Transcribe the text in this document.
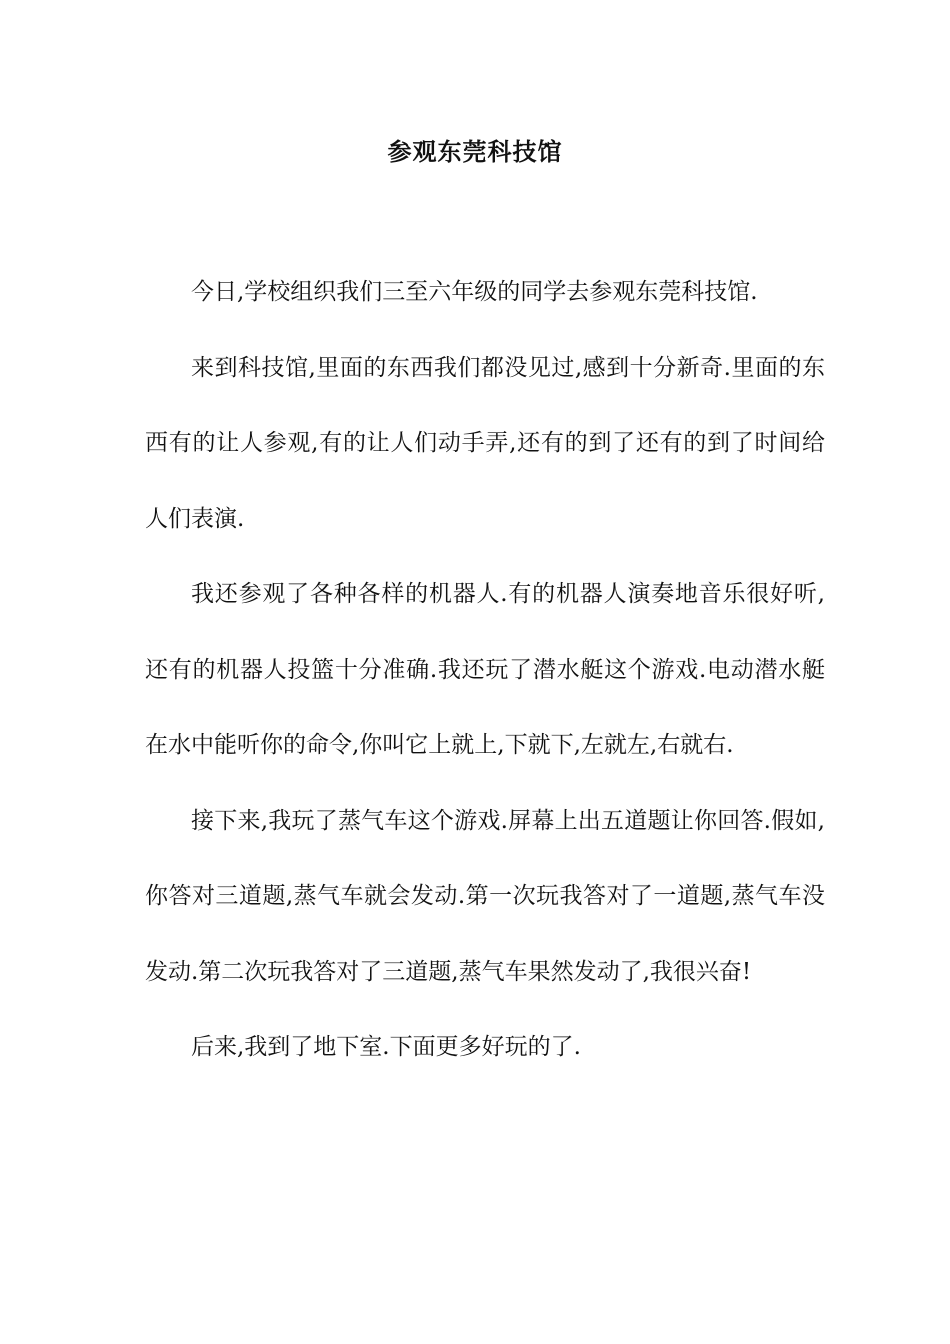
参观东莞科技馆

今日,学校组织我们三至六年级的同学去参观东莞科技馆.

来到科技馆,里面的东西我们都没见过,感到十分新奇.里面的东西有的让人参观,有的让人们动手弄,还有的到了还有的到了时间给人们表演.

我还参观了各种各样的机器人.有的机器人演奏地音乐很好听,还有的机器人投篮十分准确.我还玩了潜水艇这个游戏.电动潜水艇在水中能听你的命令,你叫它上就上,下就下,左就左,右就右.

接下来,我玩了蒸气车这个游戏.屏幕上出五道题让你回答.假如,你答对三道题,蒸气车就会发动.第一次玩我答对了一道题,蒸气车没发动.第二次玩我答对了三道题,蒸气车果然发动了,我很兴奋!

后来,我到了地下室.下面更多好玩的了.
